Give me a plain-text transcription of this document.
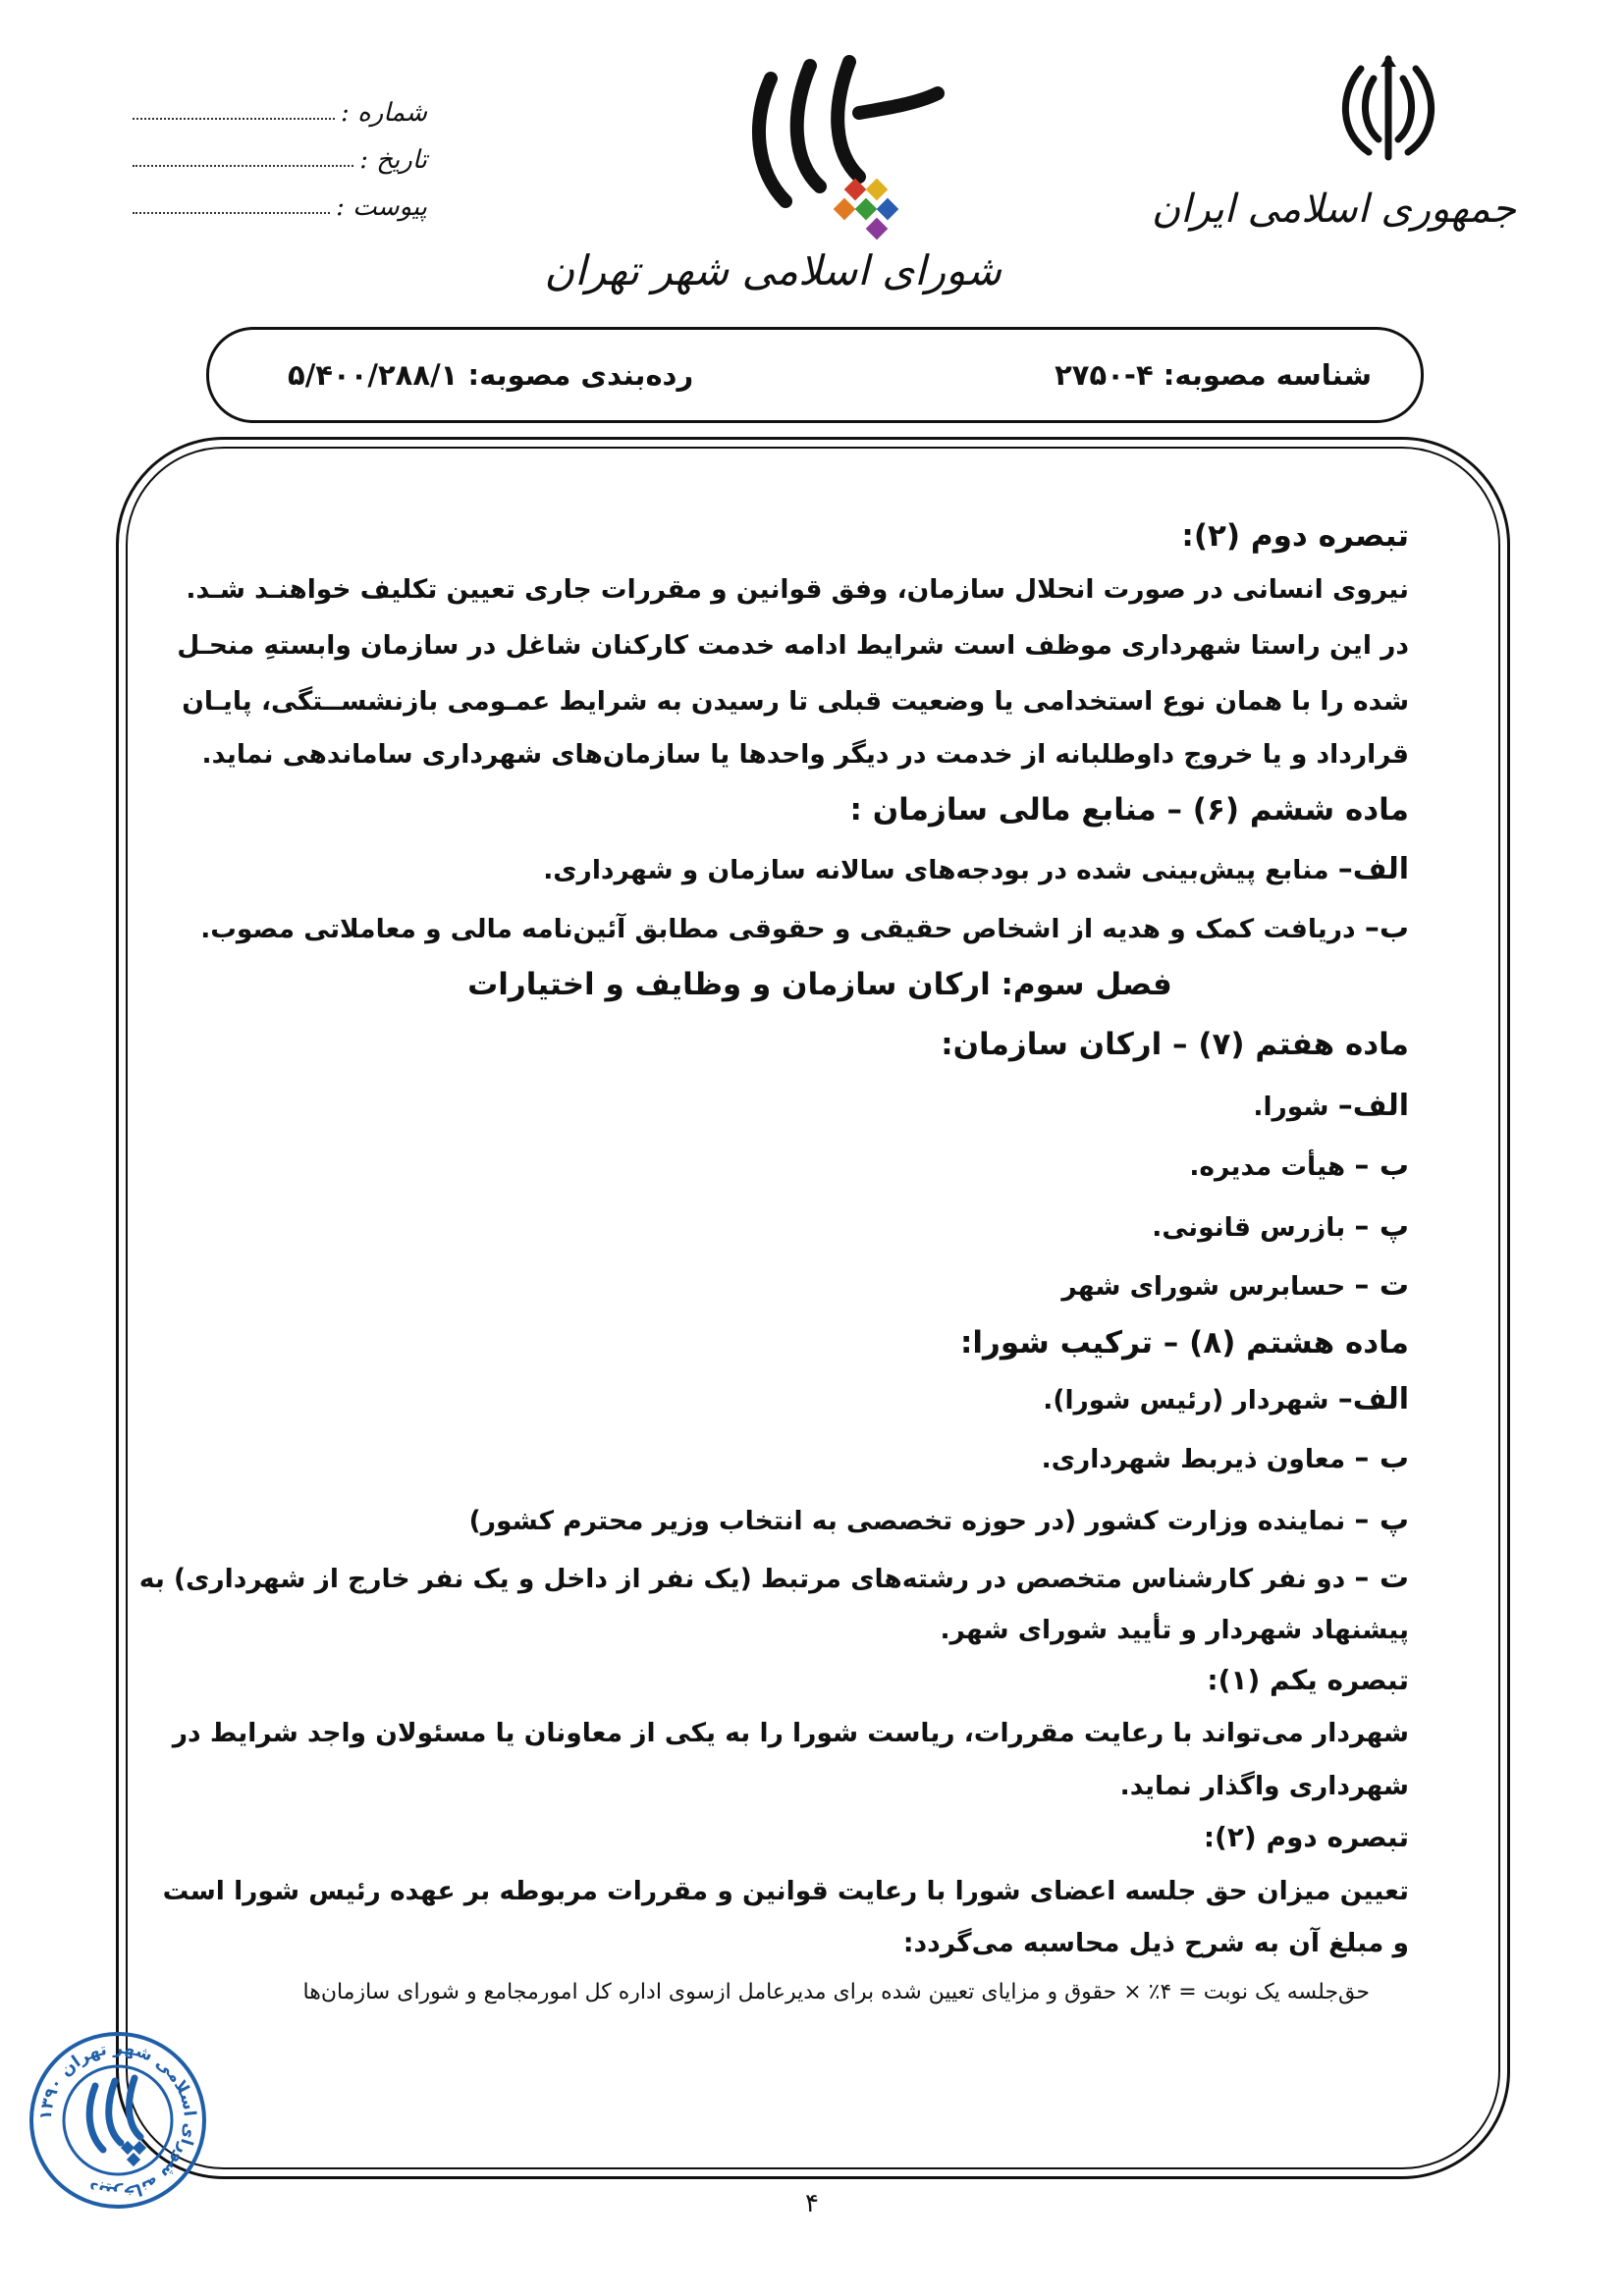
جمهوری اسلامی ایران
شورای اسلامی شهر تهران
شماره :
تاریخ :
پیوست :
شناسه مصوبه: ۴-۲۷۵۰
رده‌بندی مصوبه: ۵/۴۰۰/۲۸۸/۱

تبصره دوم (۲):

نیروی انسانی در صورت انحلال سازمان، وفق قوانین و مقررات جاری تعیین تکلیف خواهنـد شـد.

در این راستا شهرداری موظف است شرایط ادامه خدمت کارکنان شاغل در سازمان وابستهِ منحـل

شده را با همان نوع استخدامی یا وضعیت قبلی تا رسیدن به شرایط عمـومی بازنشســتگی، پایـان

قرارداد و یا خروج داوطلبانه از خدمت در دیگر واحدها یا سازمان‌های شهرداری ساماندهی نماید.

ماده ششم (۶) – منابع مالی سازمان :

الف– منابع پیش‌بینی شده در بودجه‌های سالانه سازمان و شهرداری.

ب– دریافت کمک و هدیه از اشخاص حقیقی و حقوقی مطابق آئین‌نامه مالی و معاملاتی مصوب.

فصل سوم: ارکان سازمان و وظایف و اختیارات

ماده هفتم (۷) – ارکان سازمان:

الف– شورا.

ب – هیأت مدیره.

پ – بازرس قانونی.

ت – حسابرس شورای شهر

ماده هشتم (۸) – ترکیب شورا:

الف– شهردار (رئیس شورا).

ب – معاون ذیربط شهرداری.

پ – نماینده وزارت کشور (در حوزه تخصصی به انتخاب وزیر محترم کشور)

ت – دو نفر کارشناس متخصص در رشته‌های مرتبط (یک نفر از داخل و یک نفر خارج از شهرداری) به

پیشنهاد شهردار و تأیید شورای شهر.

تبصره یکم (۱):

شهردار می‌تواند با رعایت مقررات، ریاست شورا را به یکی از معاونان یا مسئولان واجد شرایط در

شهرداری واگذار نماید.

تبصره دوم (۲):

تعیین میزان حق جلسه اعضای شورا با رعایت قوانین و مقررات مربوطه بر عهده رئیس شورا است

و مبلغ آن به شرح ذیل محاسبه می‌گردد:

حق‌جلسه یک نوبت = ۴٪ × حقوق و مزایای تعیین شده برای مدیرعامل ازسوی اداره کل امورمجامع و شورای سازمان‌ها

دبیرخانه شورای اسلامی شهر تهران ۱۳۹۰
۴
